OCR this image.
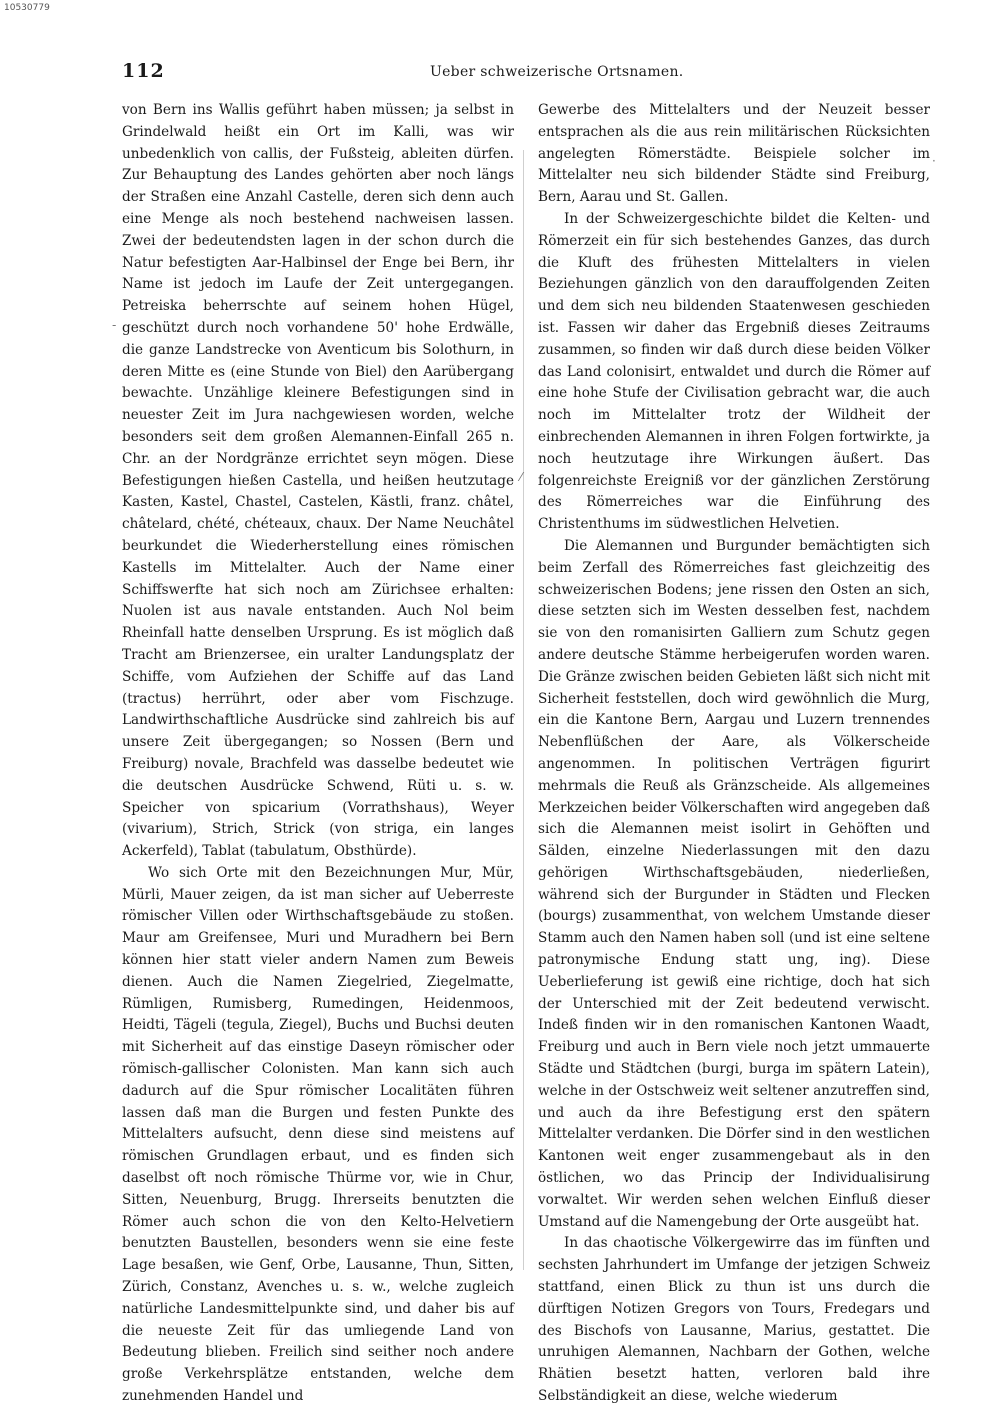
10530779
112	Ueber schweizerische Ortsnamen.

von Bern ins Wallis geführt haben müssen; ja selbst in Grindelwald heißt ein Ort im Kalli, was wir unbedenklich von callis, der Fußsteig, ableiten dürfen. Zur Behauptung des Landes gehörten aber noch längs der Straßen eine Anzahl Castelle, deren sich denn auch eine Menge als noch bestehend nachweisen lassen. Zwei der bedeutendsten lagen in der schon durch die Natur befestigten Aar-Halbinsel der Enge bei Bern, ihr Name ist jedoch im Laufe der Zeit untergegangen. Petreiska beherrschte auf seinem hohen Hügel, geschützt durch noch vorhandene 50' hohe Erdwälle, die ganze Landstrecke von Aventicum bis Solothurn, in deren Mitte es (eine Stunde von Biel) den Aarübergang bewachte. Unzählige kleinere Befestigungen sind in neuester Zeit im Jura nachgewiesen worden, welche besonders seit dem großen Alemannen-Einfall 265 n. Chr. an der Nordgränze errichtet seyn mögen. Diese Befestigungen hießen Castella, und heißen heutzutage Kasten, Kastel, Chastel, Castelen, Kästli, franz. châtel, châtelard, chété, chéteaux, chaux. Der Name Neuchâtel beurkundet die Wiederherstellung eines römischen Kastells im Mittelalter. Auch der Name einer Schiffswerfte hat sich noch am Zürichsee erhalten: Nuolen ist aus navale entstanden. Auch Nol beim Rheinfall hatte denselben Ursprung. Es ist möglich daß Tracht am Brienzersee, ein uralter Landungsplatz der Schiffe, vom Aufziehen der Schiffe auf das Land (tractus) herrührt, oder aber vom Fischzuge. Landwirthschaftliche Ausdrücke sind zahlreich bis auf unsere Zeit übergegangen; so Nossen (Bern und Freiburg) novale, Brachfeld was dasselbe bedeutet wie die deutschen Ausdrücke Schwend, Rüti u. s. w. Speicher von spicarium (Vorrathshaus), Weyer (vivarium), Strich, Strick (von striga, ein langes Ackerfeld), Tablat (tabulatum, Obsthürde).

Wo sich Orte mit den Bezeichnungen Mur, Mür, Mürli, Mauer zeigen, da ist man sicher auf Ueberreste römischer Villen oder Wirthschaftsgebäude zu stoßen. Maur am Greifensee, Muri und Muradhern bei Bern können hier statt vieler andern Namen zum Beweis dienen. Auch die Namen Ziegelried, Ziegelmatte, Rümligen, Rumisberg, Rumedingen, Heidenmoos, Heidti, Tägeli (tegula, Ziegel), Buchs und Buchsi deuten mit Sicherheit auf das einstige Daseyn römischer oder römisch-gallischer Colonisten. Man kann sich auch dadurch auf die Spur römischer Localitäten führen lassen daß man die Burgen und festen Punkte des Mittelalters aufsucht, denn diese sind meistens auf römischen Grundlagen erbaut, und es finden sich daselbst oft noch römische Thürme vor, wie in Chur, Sitten, Neuenburg, Brugg. Ihrerseits benutzten die Römer auch schon die von den Kelto-Helvetiern benutzten Baustellen, besonders wenn sie eine feste Lage besaßen, wie Genf, Orbe, Lausanne, Thun, Sitten, Zürich, Constanz, Avenches u. s. w., welche zugleich natürliche Landesmittelpunkte sind, und daher bis auf die neueste Zeit für das umliegende Land von Bedeutung blieben. Freilich sind seither noch andere große Verkehrsplätze entstanden, welche dem zunehmenden Handel und

Gewerbe des Mittelalters und der Neuzeit besser entsprachen als die aus rein militärischen Rücksichten angelegten Römerstädte. Beispiele solcher im Mittelalter neu sich bildender Städte sind Freiburg, Bern, Aarau und St. Gallen.

In der Schweizergeschichte bildet die Kelten- und Römerzeit ein für sich bestehendes Ganzes, das durch die Kluft des frühesten Mittelalters in vielen Beziehungen gänzlich von den darauffolgenden Zeiten und dem sich neu bildenden Staatenwesen geschieden ist. Fassen wir daher das Ergebniß dieses Zeitraums zusammen, so finden wir daß durch diese beiden Völker das Land colonisirt, entwaldet und durch die Römer auf eine hohe Stufe der Civilisation gebracht war, die auch noch im Mittelalter trotz der Wildheit der einbrechenden Alemannen in ihren Folgen fortwirkte, ja noch heutzutage ihre Wirkungen äußert. Das folgenreichste Ereigniß vor der gänzlichen Zerstörung des Römerreiches war die Einführung des Christenthums im südwestlichen Helvetien.

Die Alemannen und Burgunder bemächtigten sich beim Zerfall des Römerreiches fast gleichzeitig des schweizerischen Bodens; jene rissen den Osten an sich, diese setzten sich im Westen desselben fest, nachdem sie von den romanisirten Galliern zum Schutz gegen andere deutsche Stämme herbeigerufen worden waren. Die Gränze zwischen beiden Gebieten läßt sich nicht mit Sicherheit feststellen, doch wird gewöhnlich die Murg, ein die Kantone Bern, Aargau und Luzern trennendes Nebenflüßchen der Aare, als Völkerscheide angenommen. In politischen Verträgen figurirt mehrmals die Reuß als Gränzscheide. Als allgemeines Merkzeichen beider Völkerschaften wird angegeben daß sich die Alemannen meist isolirt in Gehöften und Sälden, einzelne Niederlassungen mit den dazu gehörigen Wirthschaftsgebäuden, niederließen, während sich der Burgunder in Städten und Flecken (bourgs) zusammenthat, von welchem Umstande dieser Stamm auch den Namen haben soll (und ist eine seltene patronymische Endung statt ung, ing). Diese Ueberlieferung ist gewiß eine richtige, doch hat sich der Unterschied mit der Zeit bedeutend verwischt. Indeß finden wir in den romanischen Kantonen Waadt, Freiburg und auch in Bern viele noch jetzt ummauerte Städte und Städtchen (burgi, burga im spätern Latein), welche in der Ostschweiz weit seltener anzutreffen sind, und auch da ihre Befestigung erst den spätern Mittelalter verdanken. Die Dörfer sind in den westlichen Kantonen weit enger zusammengebaut als in den östlichen, wo das Princip der Individualisirung vorwaltet. Wir werden sehen welchen Einfluß dieser Umstand auf die Namengebung der Orte ausgeübt hat.

In das chaotische Völkergewirre das im fünften und sechsten Jahrhundert im Umfange der jetzigen Schweiz stattfand, einen Blick zu thun ist uns durch die dürftigen Notizen Gregors von Tours, Fredegars und des Bischofs von Lausanne, Marius, gestattet. Die unruhigen Alemannen, Nachbarn der Gothen, welche Rhätien besetzt hatten, verloren bald ihre Selbständigkeit an diese, welche wiederum

-
·
⁄
